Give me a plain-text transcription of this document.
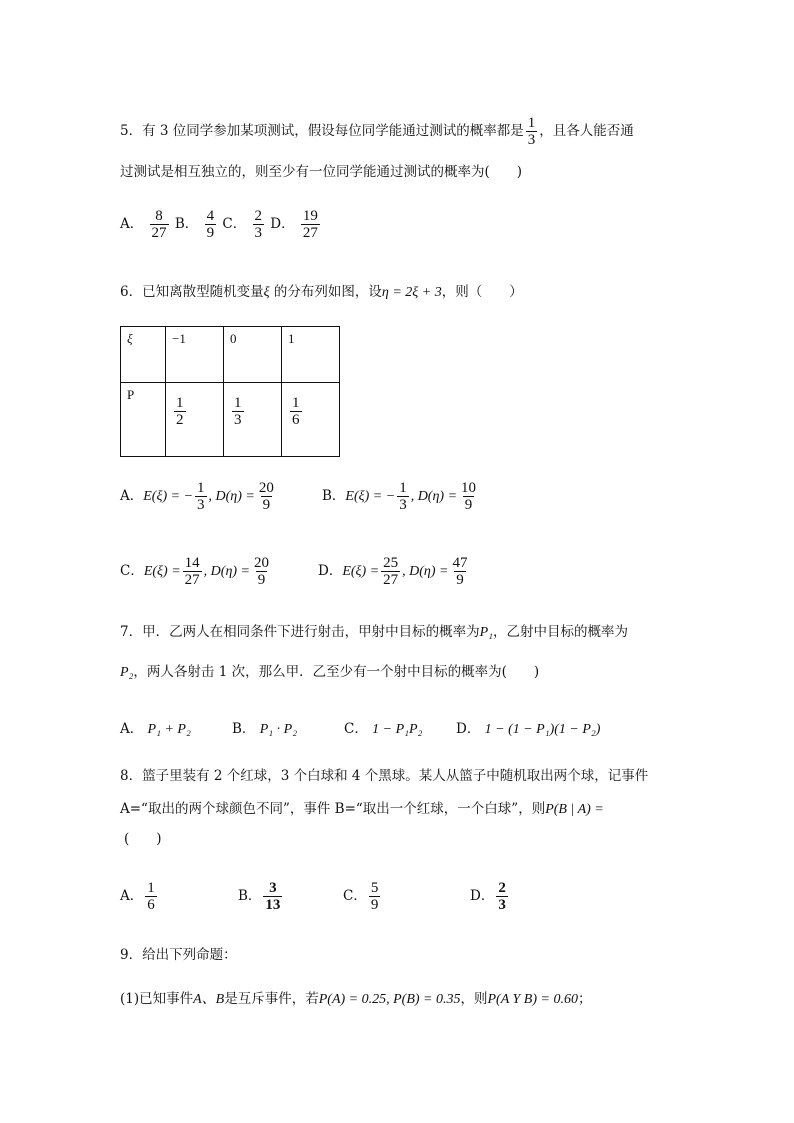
5．有 3 位同学参加某项测试，假设每位同学能通过测试的概率都是 $\frac{1}{3}$ ，且各人能否通
过测试是相互独立的，则至少有一位同学能通过测试的概率为(　　)
A． $\frac{8}{27}$ B． $\frac{4}{9}$ C． $\frac{2}{3}$ D． $\frac{19}{27}$
6．已知离散型随机变量ξ 的分布列如图，设η = 2ξ + 3，则（　　）
ξ	−1	0	1
P	$\frac{1}{2}$	$\frac{1}{3}$	$\frac{1}{6}$
A．E(ξ) = − $\frac{1}{3}$ , $D(\eta) = \frac{20}{9}$	B．E(ξ) = − $\frac{1}{3}$ , $D(\eta) = \frac{10}{9}$
C．$E(\xi) = \frac{14}{27}$ , $D(\eta) = \frac{20}{9}$	D．$E(\xi) = \frac{25}{27}$ , $D(\eta) = \frac{47}{9}$
7．甲．乙两人在相同条件下进行射击，甲射中目标的概率为P₁，乙射中目标的概率为
P₂，两人各射击 1 次，那么甲．乙至少有一个射中目标的概率为(　　)
A． P₁ + P₂	B． P₁ · P₂	C． 1 − P₁P₂ D． 1 − (1 − P₁)(1 − P₂)
8．篮子里装有 2 个红球，3 个白球和 4 个黑球。某人从篮子中随机取出两个球，记事件
A=“取出的两个球颜色不同”，事件 B=“取出一个红球，一个白球”，则P(B | A) =
(　　)
A． $\frac{1}{6}$	B． $\frac{3}{13}$	C． $\frac{5}{9}$	D． $\frac{2}{3}$
9．给出下列命题：
(1)已知事件A、B是互斥事件，若P(A) = 0.25, P(B) = 0.35，则P(A Y B) = 0.60；
